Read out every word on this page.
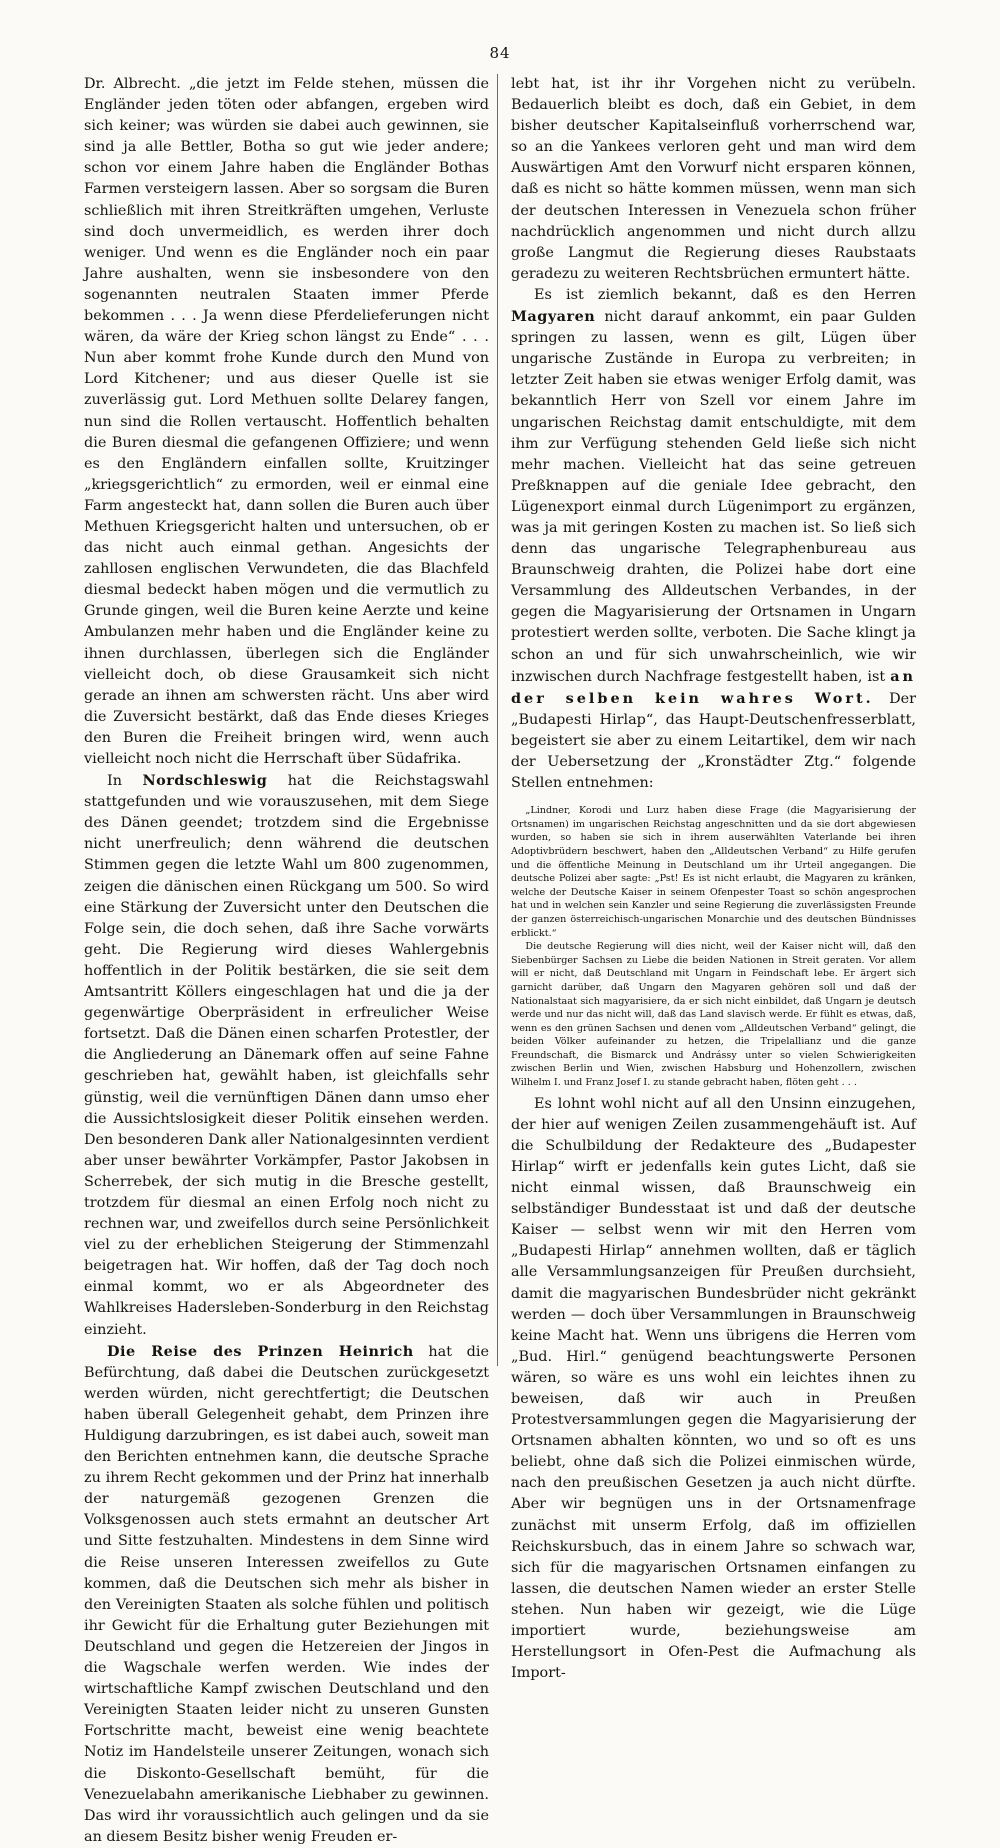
84

Dr. Albrecht. „die jetzt im Felde stehen, müssen die Engländer jeden töten oder abfangen, ergeben wird sich keiner; was würden sie dabei auch gewinnen, sie sind ja alle Bettler, Botha so gut wie jeder andere; schon vor einem Jahre haben die Engländer Bothas Farmen versteigern lassen. Aber so sorgsam die Buren schließlich mit ihren Streitkräften umgehen, Verluste sind doch unvermeidlich, es werden ihrer doch weniger. Und wenn es die Engländer noch ein paar Jahre aushalten, wenn sie insbesondere von den sogenannten neutralen Staaten immer Pferde bekommen . . . Ja wenn diese Pferdelieferungen nicht wären, da wäre der Krieg schon längst zu Ende“ . . . Nun aber kommt frohe Kunde durch den Mund von Lord Kitchener; und aus dieser Quelle ist sie zuverlässig gut. Lord Methuen sollte Delarey fangen, nun sind die Rollen vertauscht. Hoffentlich behalten die Buren diesmal die gefangenen Offiziere; und wenn es den Engländern einfallen sollte, Kruitzinger „kriegsgerichtlich“ zu ermorden, weil er einmal eine Farm angesteckt hat, dann sollen die Buren auch über Methuen Kriegsgericht halten und untersuchen, ob er das nicht auch einmal gethan. Angesichts der zahllosen englischen Verwundeten, die das Blachfeld diesmal bedeckt haben mögen und die vermutlich zu Grunde gingen, weil die Buren keine Aerzte und keine Ambulanzen mehr haben und die Engländer keine zu ihnen durchlassen, überlegen sich die Engländer vielleicht doch, ob diese Grausamkeit sich nicht gerade an ihnen am schwersten rächt. Uns aber wird die Zuversicht bestärkt, daß das Ende dieses Krieges den Buren die Freiheit bringen wird, wenn auch vielleicht noch nicht die Herrschaft über Südafrika.

In Nordschleswig hat die Reichstagswahl stattgefunden und wie vorauszusehen, mit dem Siege des Dänen geendet; trotzdem sind die Ergebnisse nicht unerfreulich; denn während die deutschen Stimmen gegen die letzte Wahl um 800 zugenommen, zeigen die dänischen einen Rückgang um 500. So wird eine Stärkung der Zuversicht unter den Deutschen die Folge sein, die doch sehen, daß ihre Sache vorwärts geht. Die Regierung wird dieses Wahlergebnis hoffentlich in der Politik bestärken, die sie seit dem Amtsantritt Köllers eingeschlagen hat und die ja der gegenwärtige Oberpräsident in erfreulicher Weise fortsetzt. Daß die Dänen einen scharfen Protestler, der die Angliederung an Dänemark offen auf seine Fahne geschrieben hat, gewählt haben, ist gleichfalls sehr günstig, weil die vernünftigen Dänen dann umso eher die Aussichtslosigkeit dieser Politik einsehen werden. Den besonderen Dank aller Nationalgesinnten verdient aber unser bewährter Vorkämpfer, Pastor Jakobsen in Scherrebek, der sich mutig in die Bresche gestellt, trotzdem für diesmal an einen Erfolg noch nicht zu rechnen war, und zweifellos durch seine Persönlichkeit viel zu der erheblichen Steigerung der Stimmenzahl beigetragen hat. Wir hoffen, daß der Tag doch noch einmal kommt, wo er als Abgeordneter des Wahlkreises Hadersleben-Sonderburg in den Reichstag einzieht.

Die Reise des Prinzen Heinrich hat die Befürchtung, daß dabei die Deutschen zurückgesetzt werden würden, nicht gerechtfertigt; die Deutschen haben überall Gelegenheit gehabt, dem Prinzen ihre Huldigung darzubringen, es ist dabei auch, soweit man den Berichten entnehmen kann, die deutsche Sprache zu ihrem Recht gekommen und der Prinz hat innerhalb der naturgemäß gezogenen Grenzen die Volksgenossen auch stets ermahnt an deutscher Art und Sitte festzuhalten. Mindestens in dem Sinne wird die Reise unseren Interessen zweifellos zu Gute kommen, daß die Deutschen sich mehr als bisher in den Vereinigten Staaten als solche fühlen und politisch ihr Gewicht für die Erhaltung guter Beziehungen mit Deutschland und gegen die Hetzereien der Jingos in die Wagschale werfen werden. Wie indes der wirtschaftliche Kampf zwischen Deutschland und den Vereinigten Staaten leider nicht zu unseren Gunsten Fortschritte macht, beweist eine wenig beachtete Notiz im Handelsteile unserer Zeitungen, wonach sich die Diskonto-Gesellschaft bemüht, für die Venezuelabahn amerikanische Liebhaber zu gewinnen. Das wird ihr voraussichtlich auch gelingen und da sie an diesem Besitz bisher wenig Freuden er-

lebt hat, ist ihr ihr Vorgehen nicht zu verübeln. Bedauerlich bleibt es doch, daß ein Gebiet, in dem bisher deutscher Kapitalseinfluß vorherrschend war, so an die Yankees verloren geht und man wird dem Auswärtigen Amt den Vorwurf nicht ersparen können, daß es nicht so hätte kommen müssen, wenn man sich der deutschen Interessen in Venezuela schon früher nachdrücklich angenommen und nicht durch allzu große Langmut die Regierung dieses Raubstaats geradezu zu weiteren Rechtsbrüchen ermuntert hätte.

Es ist ziemlich bekannt, daß es den Herren Magyaren nicht darauf ankommt, ein paar Gulden springen zu lassen, wenn es gilt, Lügen über ungarische Zustände in Europa zu verbreiten; in letzter Zeit haben sie etwas weniger Erfolg damit, was bekanntlich Herr von Szell vor einem Jahre im ungarischen Reichstag damit entschuldigte, mit dem ihm zur Verfügung stehenden Geld ließe sich nicht mehr machen. Vielleicht hat das seine getreuen Preßknappen auf die geniale Idee gebracht, den Lügenexport einmal durch Lügenimport zu ergänzen, was ja mit geringen Kosten zu machen ist. So ließ sich denn das ungarische Telegraphenbureau aus Braunschweig drahten, die Polizei habe dort eine Versammlung des Alldeutschen Verbandes, in der gegen die Magyarisierung der Ortsnamen in Ungarn protestiert werden sollte, verboten. Die Sache klingt ja schon an und für sich unwahrscheinlich, wie wir inzwischen durch Nachfrage festgestellt haben, ist an der selben kein wahres Wort. Der „Budapesti Hirlap“, das Haupt-Deutschenfresserblatt, begeistert sie aber zu einem Leitartikel, dem wir nach der Uebersetzung der „Kronstädter Ztg.“ folgende Stellen entnehmen:

„Lindner, Korodi und Lurz haben diese Frage (die Magyarisierung der Ortsnamen) im ungarischen Reichstag angeschnitten und da sie dort abgewiesen wurden, so haben sie sich in ihrem auserwählten Vaterlande bei ihren Adoptivbrüdern beschwert, haben den „Alldeutschen Verband“ zu Hilfe gerufen und die öffentliche Meinung in Deutschland um ihr Urteil angegangen. Die deutsche Polizei aber sagte: „Pst! Es ist nicht erlaubt, die Magyaren zu kränken, welche der Deutsche Kaiser in seinem Ofenpester Toast so schön angesprochen hat und in welchen sein Kanzler und seine Regierung die zuverlässigsten Freunde der ganzen österreichisch-ungarischen Monarchie und des deutschen Bündnisses erblickt.“

Die deutsche Regierung will dies nicht, weil der Kaiser nicht will, daß den Siebenbürger Sachsen zu Liebe die beiden Nationen in Streit geraten. Vor allem will er nicht, daß Deutschland mit Ungarn in Feindschaft lebe. Er ärgert sich garnicht darüber, daß Ungarn den Magyaren gehören soll und daß der Nationalstaat sich magyarisiere, da er sich nicht einbildet, daß Ungarn je deutsch werde und nur das nicht will, daß das Land slavisch werde. Er fühlt es etwas, daß, wenn es den grünen Sachsen und denen vom „Alldeutschen Verband“ gelingt, die beiden Völker aufeinander zu hetzen, die Tripelallianz und die ganze Freundschaft, die Bismarck und Andrássy unter so vielen Schwierigkeiten zwischen Berlin und Wien, zwischen Habsburg und Hohenzollern, zwischen Wilhelm I. und Franz Josef I. zu stande gebracht haben, flöten geht . . .

Es lohnt wohl nicht auf all den Unsinn einzugehen, der hier auf wenigen Zeilen zusammengehäuft ist. Auf die Schulbildung der Redakteure des „Budapester Hirlap“ wirft er jedenfalls kein gutes Licht, daß sie nicht einmal wissen, daß Braunschweig ein selbständiger Bundesstaat ist und daß der deutsche Kaiser — selbst wenn wir mit den Herren vom „Budapesti Hirlap“ annehmen wollten, daß er täglich alle Versammlungsanzeigen für Preußen durchsieht, damit die magyarischen Bundesbrüder nicht gekränkt werden — doch über Versammlungen in Braunschweig keine Macht hat. Wenn uns übrigens die Herren vom „Bud. Hirl.“ genügend beachtungswerte Personen wären, so wäre es uns wohl ein leichtes ihnen zu beweisen, daß wir auch in Preußen Protestversammlungen gegen die Magyarisierung der Ortsnamen abhalten könnten, wo und so oft es uns beliebt, ohne daß sich die Polizei einmischen würde, nach den preußischen Gesetzen ja auch nicht dürfte. Aber wir begnügen uns in der Ortsnamenfrage zunächst mit unserm Erfolg, daß im offiziellen Reichskursbuch, das in einem Jahre so schwach war, sich für die magyarischen Ortsnamen einfangen zu lassen, die deutschen Namen wieder an erster Stelle stehen. Nun haben wir gezeigt, wie die Lüge importiert wurde, beziehungsweise am Herstellungsort in Ofen-Pest die Aufmachung als Import-
